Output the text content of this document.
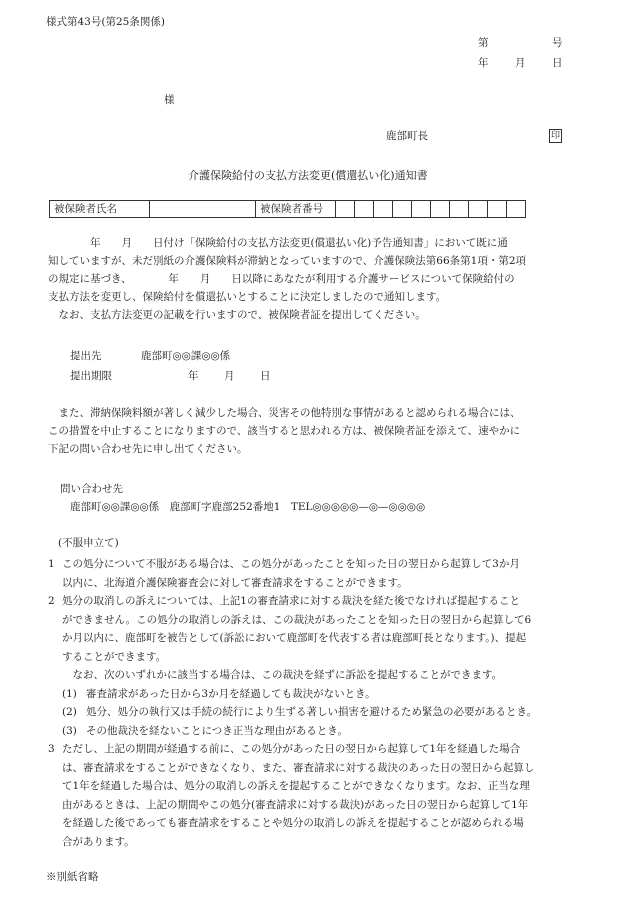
様式第43号(第25条関係)
第	号
年	月	日
様
鹿部町長	印
介護保険給付の支払方法変更(償還払い化)通知書
被保険者氏名		被保険者番号										

　　　　年　　月　　日付け「保険給付の支払方法変更(償還払い化)予告通知書」において既に通

知していますが、未だ別紙の介護保険料が滞納となっていますので、介護保険法第66条第1項・第2項

の規定に基づき、　　　　年　　月　　日以降にあなたが利用する介護サービスについて保険給付の

支払方法を変更し、保険給付を償還払いとすることに決定しましたので通知します。

　なお、支払方法変更の記載を行いますので、被保険者証を提出してください。

提出先	鹿部町◎◎課◎◎係
提出期限	年 月 日

　また、滞納保険料額が著しく減少した場合、災害その他特別な事情があると認められる場合には、

この措置を中止することになりますので、該当すると思われる方は、被保険者証を添えて、速やかに

下記の問い合わせ先に申し出てください。

問い合わせ先
鹿部町◎◎課◎◎係　鹿部町字鹿部252番地1　TEL◎◎◎◎◎—◎—◎◎◎◎
(不服申立て)
1 この処分について不服がある場合は、この処分があったことを知った日の翌日から起算して3か月
以内に、北海道介護保険審査会に対して審査請求をすることができます。
2 処分の取消しの訴えについては、上記1の審査請求に対する裁決を経た後でなければ提起すること
ができません。この処分の取消しの訴えは、この裁決があったことを知った日の翌日から起算して6
か月以内に、鹿部町を被告として(訴訟において鹿部町を代表する者は鹿部町長となります。)、提起
することができます。
　なお、次のいずれかに該当する場合は、この裁決を経ずに訴訟を提起することができます。
(1) 審査請求があった日から3か月を経過しても裁決がないとき。
(2) 処分、処分の執行又は手続の続行により生ずる著しい損害を避けるため緊急の必要があるとき。
(3) その他裁決を経ないことにつき正当な理由があるとき。
3 ただし、上記の期間が経過する前に、この処分があった日の翌日から起算して1年を経過した場合
は、審査請求をすることができなくなり、また、審査請求に対する裁決のあった日の翌日から起算し
て1年を経過した場合は、処分の取消しの訴えを提起することができなくなります。なお、正当な理
由があるときは、上記の期間やこの処分(審査請求に対する裁決)があった日の翌日から起算して1年
を経過した後であっても審査請求をすることや処分の取消しの訴えを提起することが認められる場
合があります。
※別紙省略
